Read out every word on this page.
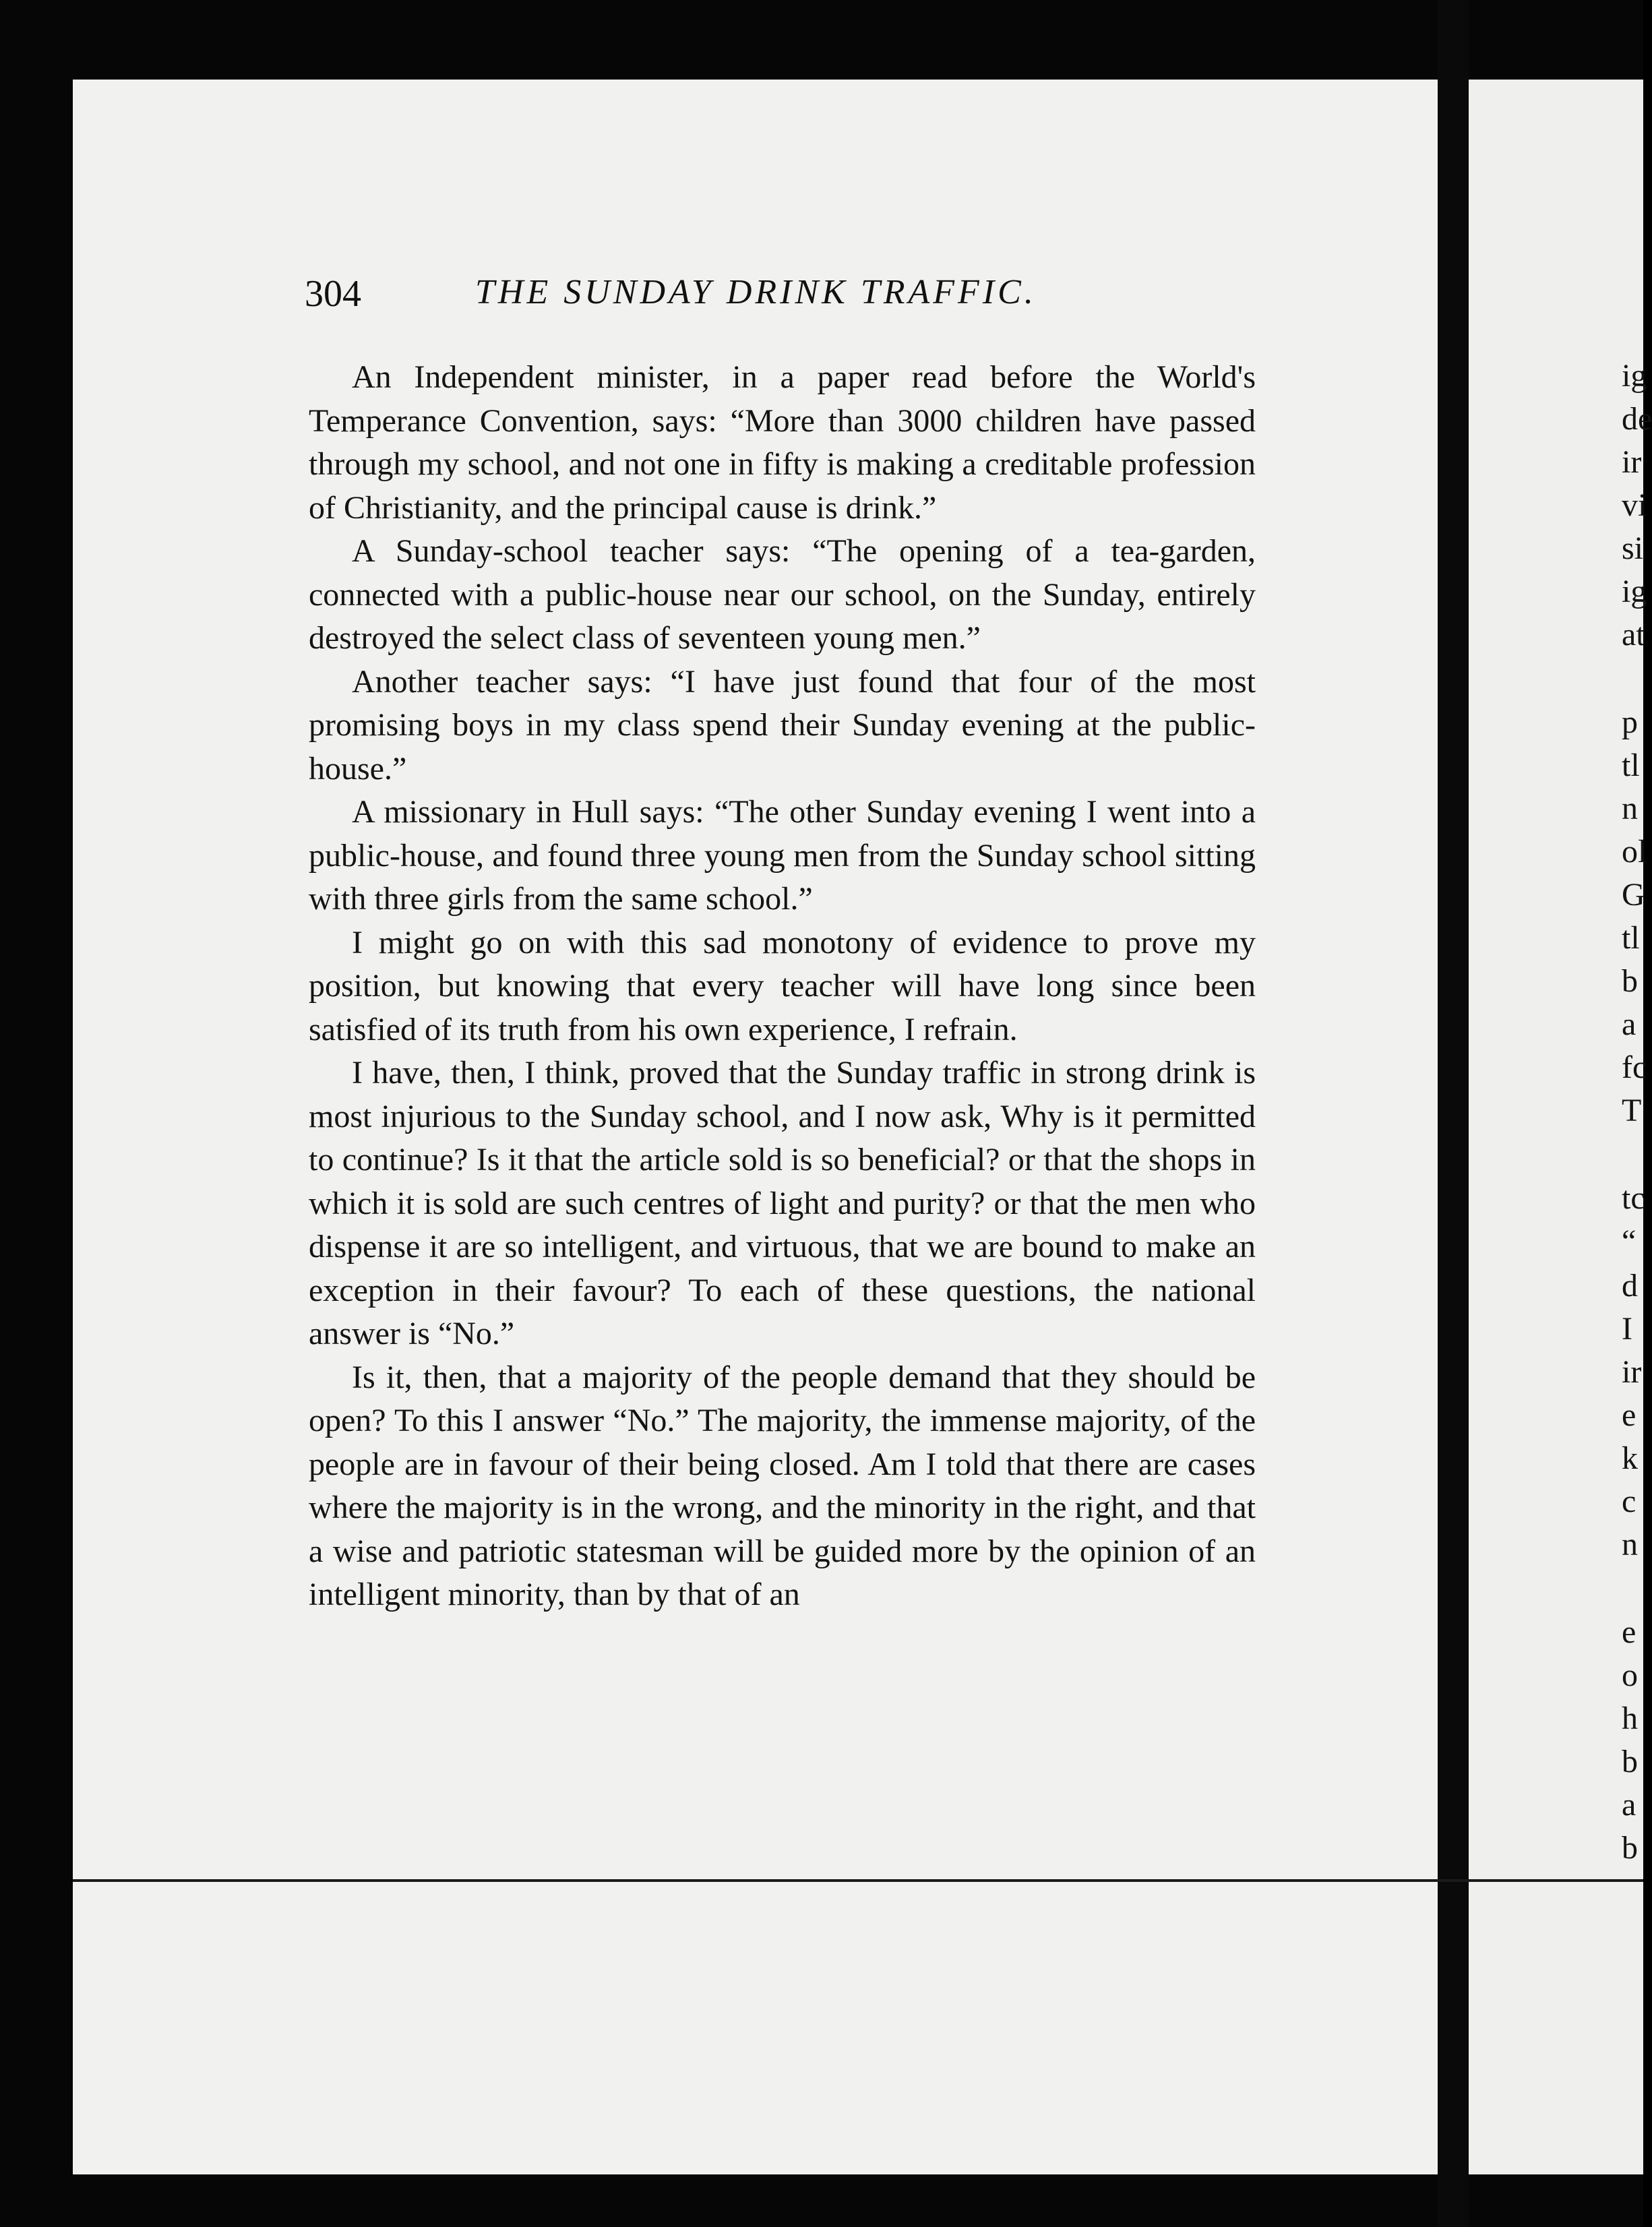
304	THE SUNDAY DRINK TRAFFIC.

An Independent minister, in a paper read before the World's Temperance Convention, says: “More than 3000 children have passed through my school, and not one in fifty is making a creditable profession of Christianity, and the principal cause is drink.”

A Sunday-school teacher says: “The opening of a tea-garden, connected with a public-house near our school, on the Sunday, entirely destroyed the select class of seventeen young men.”

Another teacher says: “I have just found that four of the most promising boys in my class spend their Sunday evening at the public-house.”

A missionary in Hull says: “The other Sunday evening I went into a public-house, and found three young men from the Sunday school sitting with three girls from the same school.”

I might go on with this sad monotony of evidence to prove my position, but knowing that every teacher will have long since been satisfied of its truth from his own experience, I refrain.

I have, then, I think, proved that the Sunday traffic in strong drink is most injurious to the Sunday school, and I now ask, Why is it permitted to continue? Is it that the article sold is so beneficial? or that the shops in which it is sold are such centres of light and purity? or that the men who dispense it are so intelligent, and virtuous, that we are bound to make an exception in their favour? To each of these questions, the national answer is “No.”

Is it, then, that a majority of the people demand that they should be open? To this I answer “No.” The majority, the immense majority, of the people are in favour of their being closed. Am I told that there are cases where the majority is in the wrong, and the minority in the right, and that a wise and patriotic statesman will be guided more by the opinion of an intelligent minority, than by that of an

ig
de
ir
vi
si
ig
at
p
tl
n
ol
G
tl
b
a
fc
T
tc
“
d
I
ir
e
k
c
n
e
o
h
b
a
b
